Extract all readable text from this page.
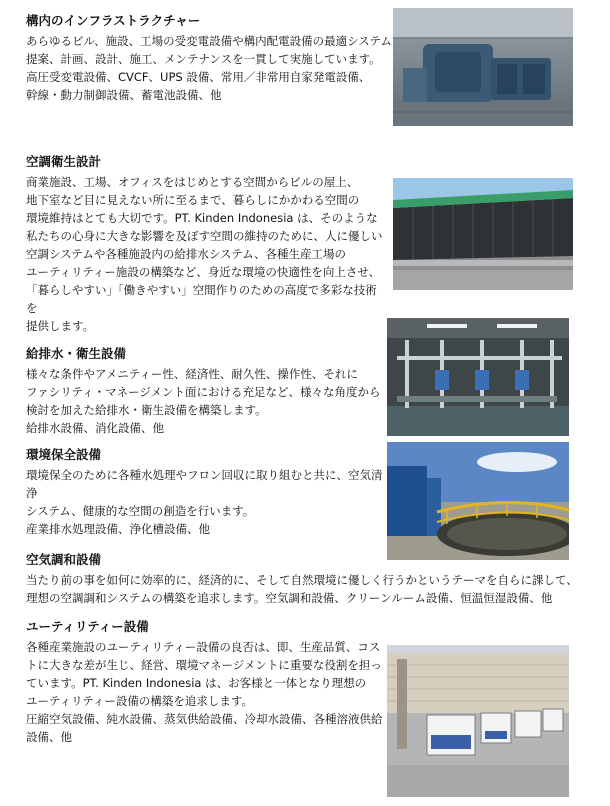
構内のインフラストラクチャー

あらゆるビル、施設、工場の受変電設備や構内配電設備の最適システム
提案、計画、設計、施工、メンテナンスを一貫して実施しています。
高圧受変電設備、CVCF、UPS 設備、常用／非常用自家発電設備、
幹線・動力制御設備、蓄電池設備、他

空調衛生設計

商業施設、工場、オフィスをはじめとする空間からビルの屋上、
地下室など目に見えない所に至るまで、暮らしにかかわる空間の
環境維持はとても大切です。PT. Kinden Indonesia は、そのような
私たちの心身に大きな影響を及ぼす空間の維持のために、人に優しい
空調システムや各種施設内の給排水システム、各種生産工場の
ユーティリティー施設の構築など、身近な環境の快適性を向上させ、
「暮らしやすい」「働きやすい」空間作りのための高度で多彩な技術
を
提供します。

給排水・衛生設備

様々な条件やアメニティー性、経済性、耐久性、操作性、それに
ファシリティ・マネージメント面における充足など、様々な角度から
検討を加えた給排水・衛生設備を構築します。
給排水設備、消化設備、他

環境保全設備

環境保全のために各種水処理やフロン回収に取り組むと共に、空気清
浄
システム、健康的な空間の創造を行います。
産業排水処理設備、浄化槽設備、他

空気調和設備

当たり前の事を如何に効率的に、経済的に、そして自然環境に優しく行うかというテーマを自らに課して、
理想の空調調和システムの構築を追求します。空気調和設備、クリーンルーム設備、恒温恒湿設備、他

ユーティリティー設備

各種産業施設のユーティリティー設備の良否は、即、生産品質、コス
トに大きな差が生じ、経営、環境マネージメントに重要な役割を担っ
ています。PT. Kinden Indonesia は、お客様と一体となり理想の
ユーティリティー設備の構築を追求します。
圧縮空気設備、純水設備、蒸気供給設備、冷却水設備、各種溶液供給
設備、他
